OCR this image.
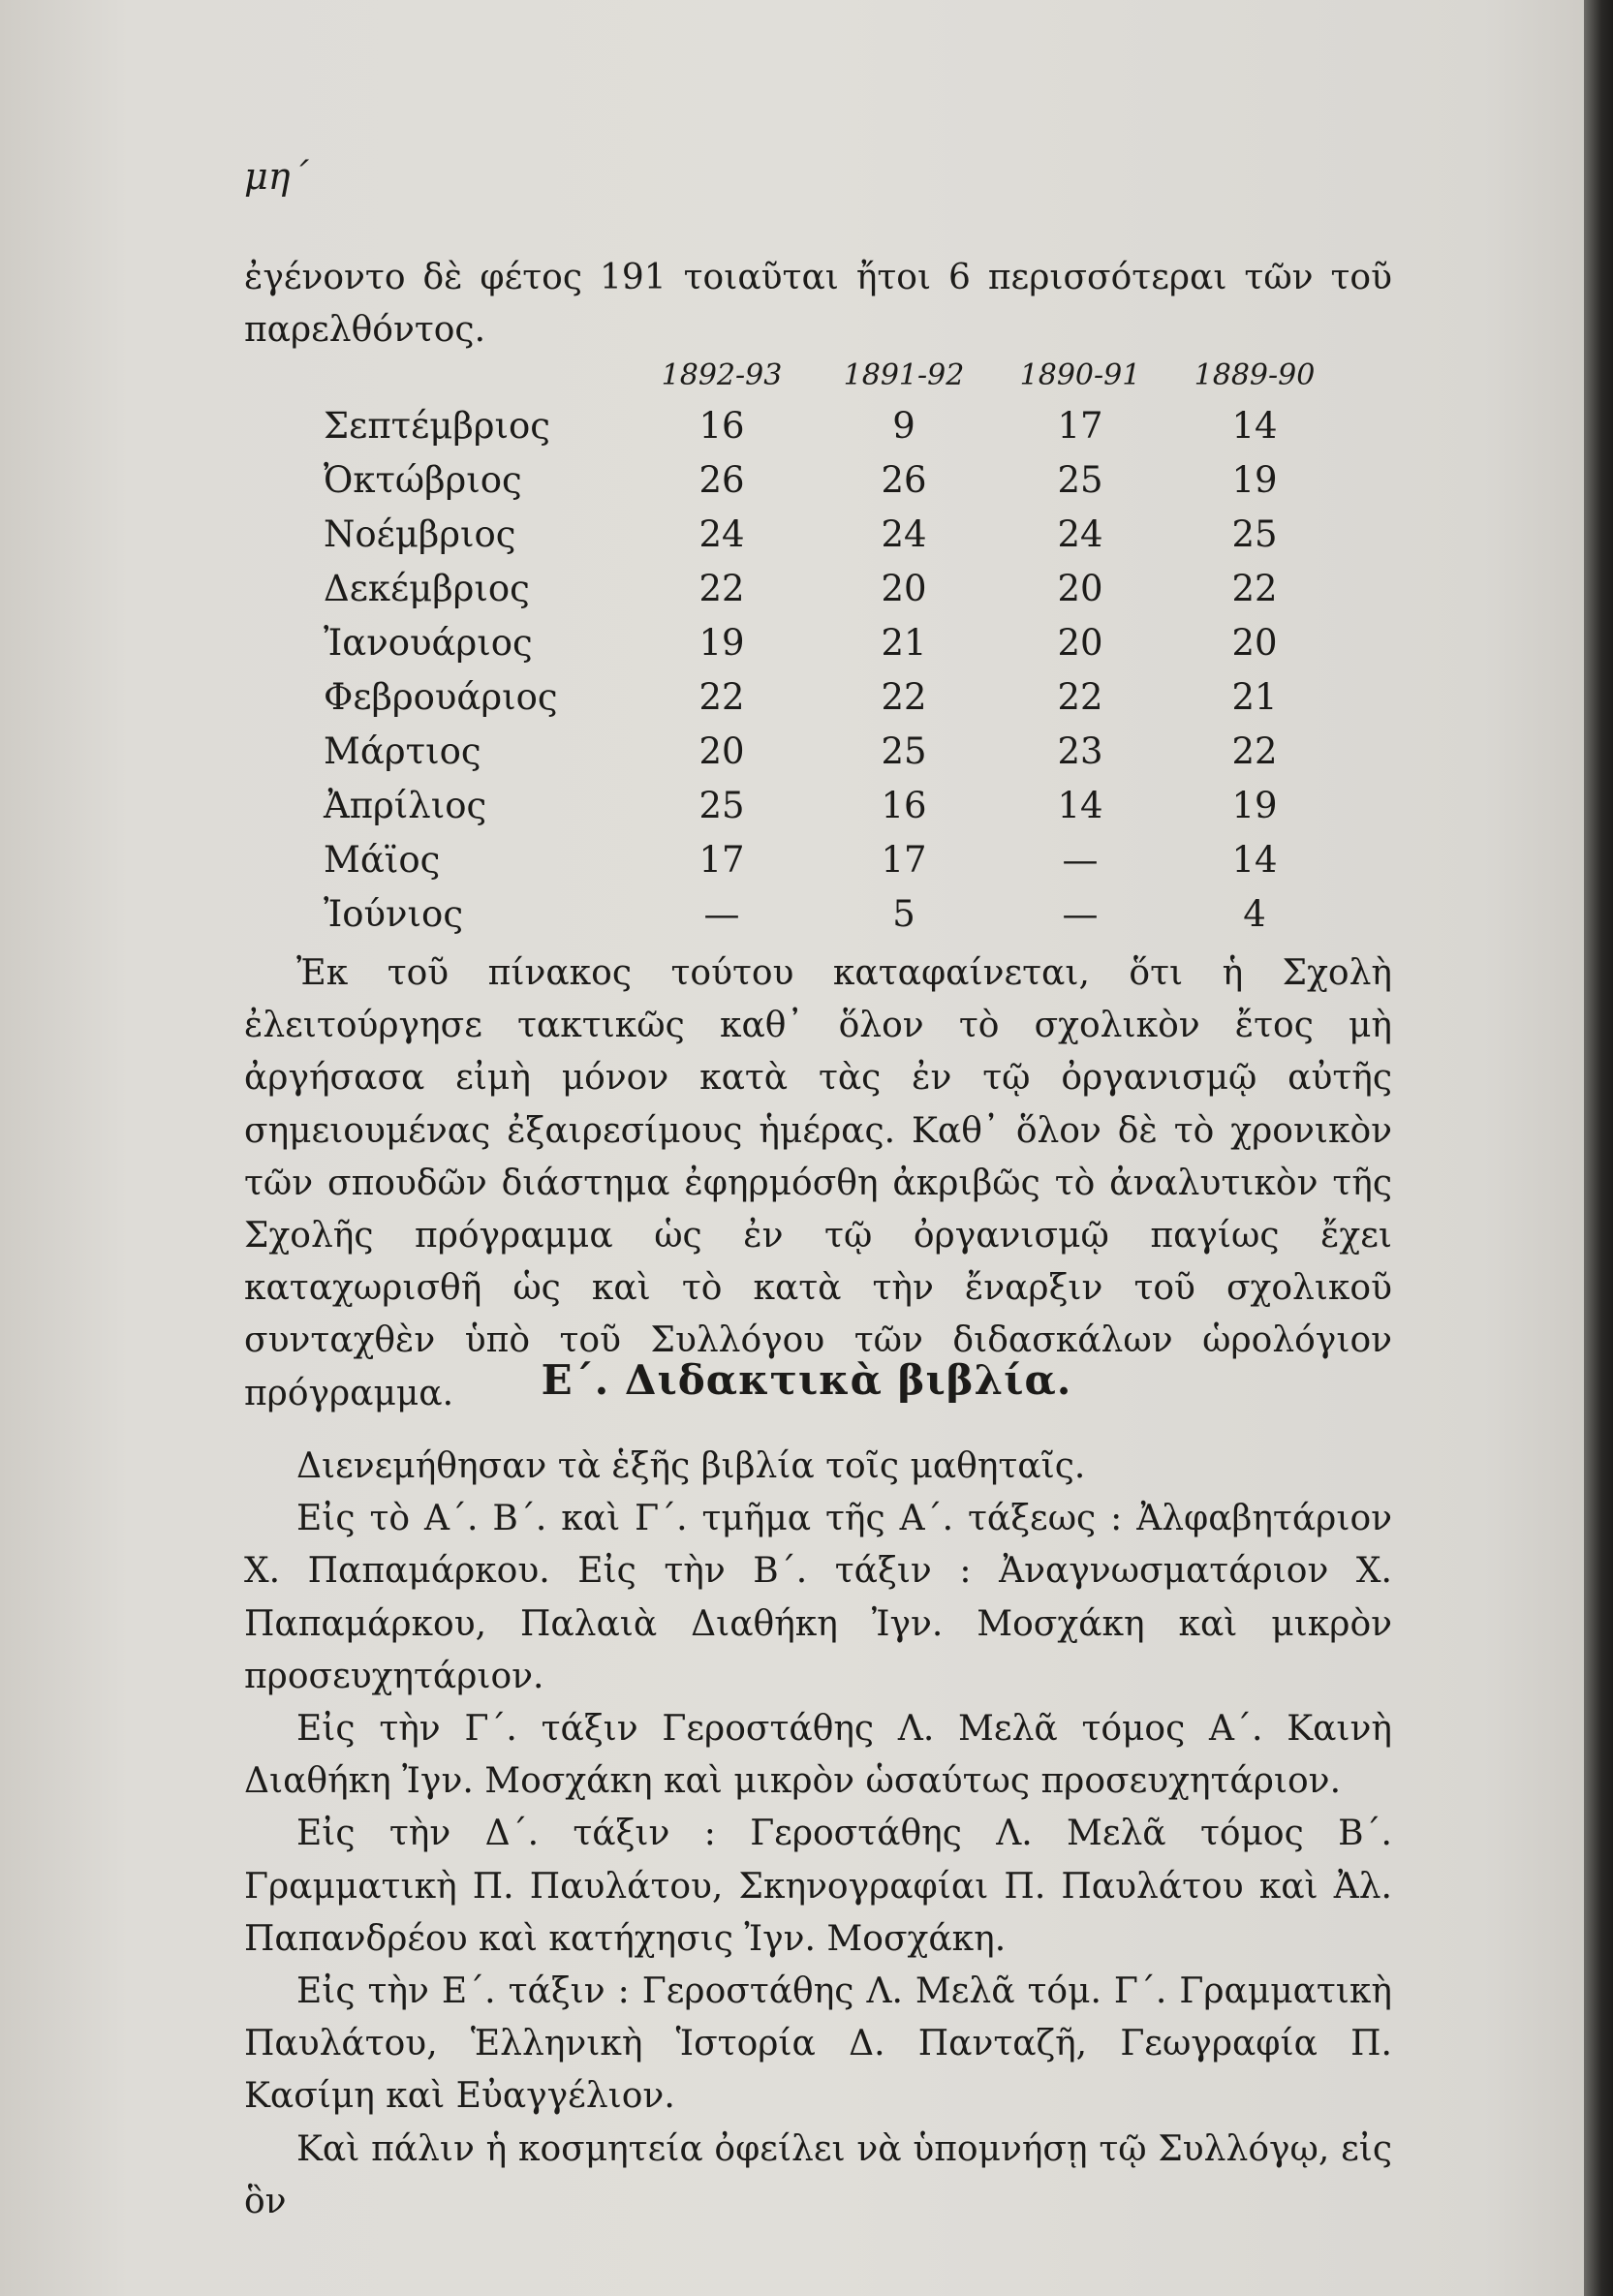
μη΄

ἐγένοντο δὲ φέτος 191 τοιαῦται ἤτοι 6 περισσότεραι τῶν τοῦ παρελθόντος.

1892-93	1891-92	1890-91	1889-90
Σεπτέμβριος	16	9	17	14
Ὀκτώβριος	26	26	25	19
Νοέμβριος	24	24	24	25
Δεκέμβριος	22	20	20	22
Ἰανουάριος	19	21	20	20
Φεβρουάριος	22	22	22	21
Μάρτιος	20	25	23	22
Ἀπρίλιος	25	16	14	19
Μάϊος	17	17	—	14
Ἰούνιος	—	5	—	4

Ἐκ τοῦ πίνακος τούτου καταφαίνεται, ὅτι ἡ Σχολὴ ἐλειτούργησε τακτικῶς καθ᾿ ὅλον τὸ σχολικὸν ἔτος μὴ ἀργήσασα εἰμὴ μόνον κατὰ τὰς ἐν τῷ ὀργανισμῷ αὐτῆς σημειουμένας ἐξαιρεσίμους ἡμέρας. Καθ᾿ ὅλον δὲ τὸ χρονικὸν τῶν σπουδῶν διάστημα ἐφηρμόσθη ἀκριβῶς τὸ ἀναλυτικὸν τῆς Σχολῆς πρόγραμμα ὡς ἐν τῷ ὀργανισμῷ παγίως ἔχει καταχωρισθῆ ὡς καὶ τὸ κατὰ τὴν ἔναρξιν τοῦ σχολικοῦ συνταχθὲν ὑπὸ τοῦ Συλλόγου τῶν διδασκάλων ὡρολόγιον πρόγραμμα.	Ε΄. Διδακτικὰ βιβλία.

Διενεμήθησαν τὰ ἑξῆς βιβλία τοῖς μαθηταῖς.

Εἰς τὸ Α΄. Β΄. καὶ Γ΄. τμῆμα τῆς Α΄. τάξεως : Ἀλφαβητάριον Χ. Παπαμάρκου. Εἰς τὴν Β΄. τάξιν : Ἀναγνωσματάριον Χ. Παπαμάρκου, Παλαιὰ Διαθήκη Ἰγν. Μοσχάκη καὶ μικρὸν προσευχητάριον.

Εἰς τὴν Γ΄. τάξιν Γεροστάθης Λ. Μελᾶ τόμος Α΄. Καινὴ Διαθήκη Ἰγν. Μοσχάκη καὶ μικρὸν ὡσαύτως προσευχητάριον.

Εἰς τὴν Δ΄. τάξιν : Γεροστάθης Λ. Μελᾶ τόμος Β΄. Γραμματικὴ Π. Παυλάτου, Σκηνογραφίαι Π. Παυλάτου καὶ Ἀλ. Παπανδρέου καὶ κατήχησις Ἰγν. Μοσχάκη.

Εἰς τὴν Ε΄. τάξιν : Γεροστάθης Λ. Μελᾶ τόμ. Γ΄. Γραμματικὴ Παυλάτου, Ἑλληνικὴ Ἱστορία Δ. Πανταζῆ, Γεωγραφία Π. Κασίμη καὶ Εὐαγγέλιον.

Καὶ πάλιν ἡ κοσμητεία ὀφείλει νὰ ὑπομνήσῃ τῷ Συλλόγῳ, εἰς ὃν
